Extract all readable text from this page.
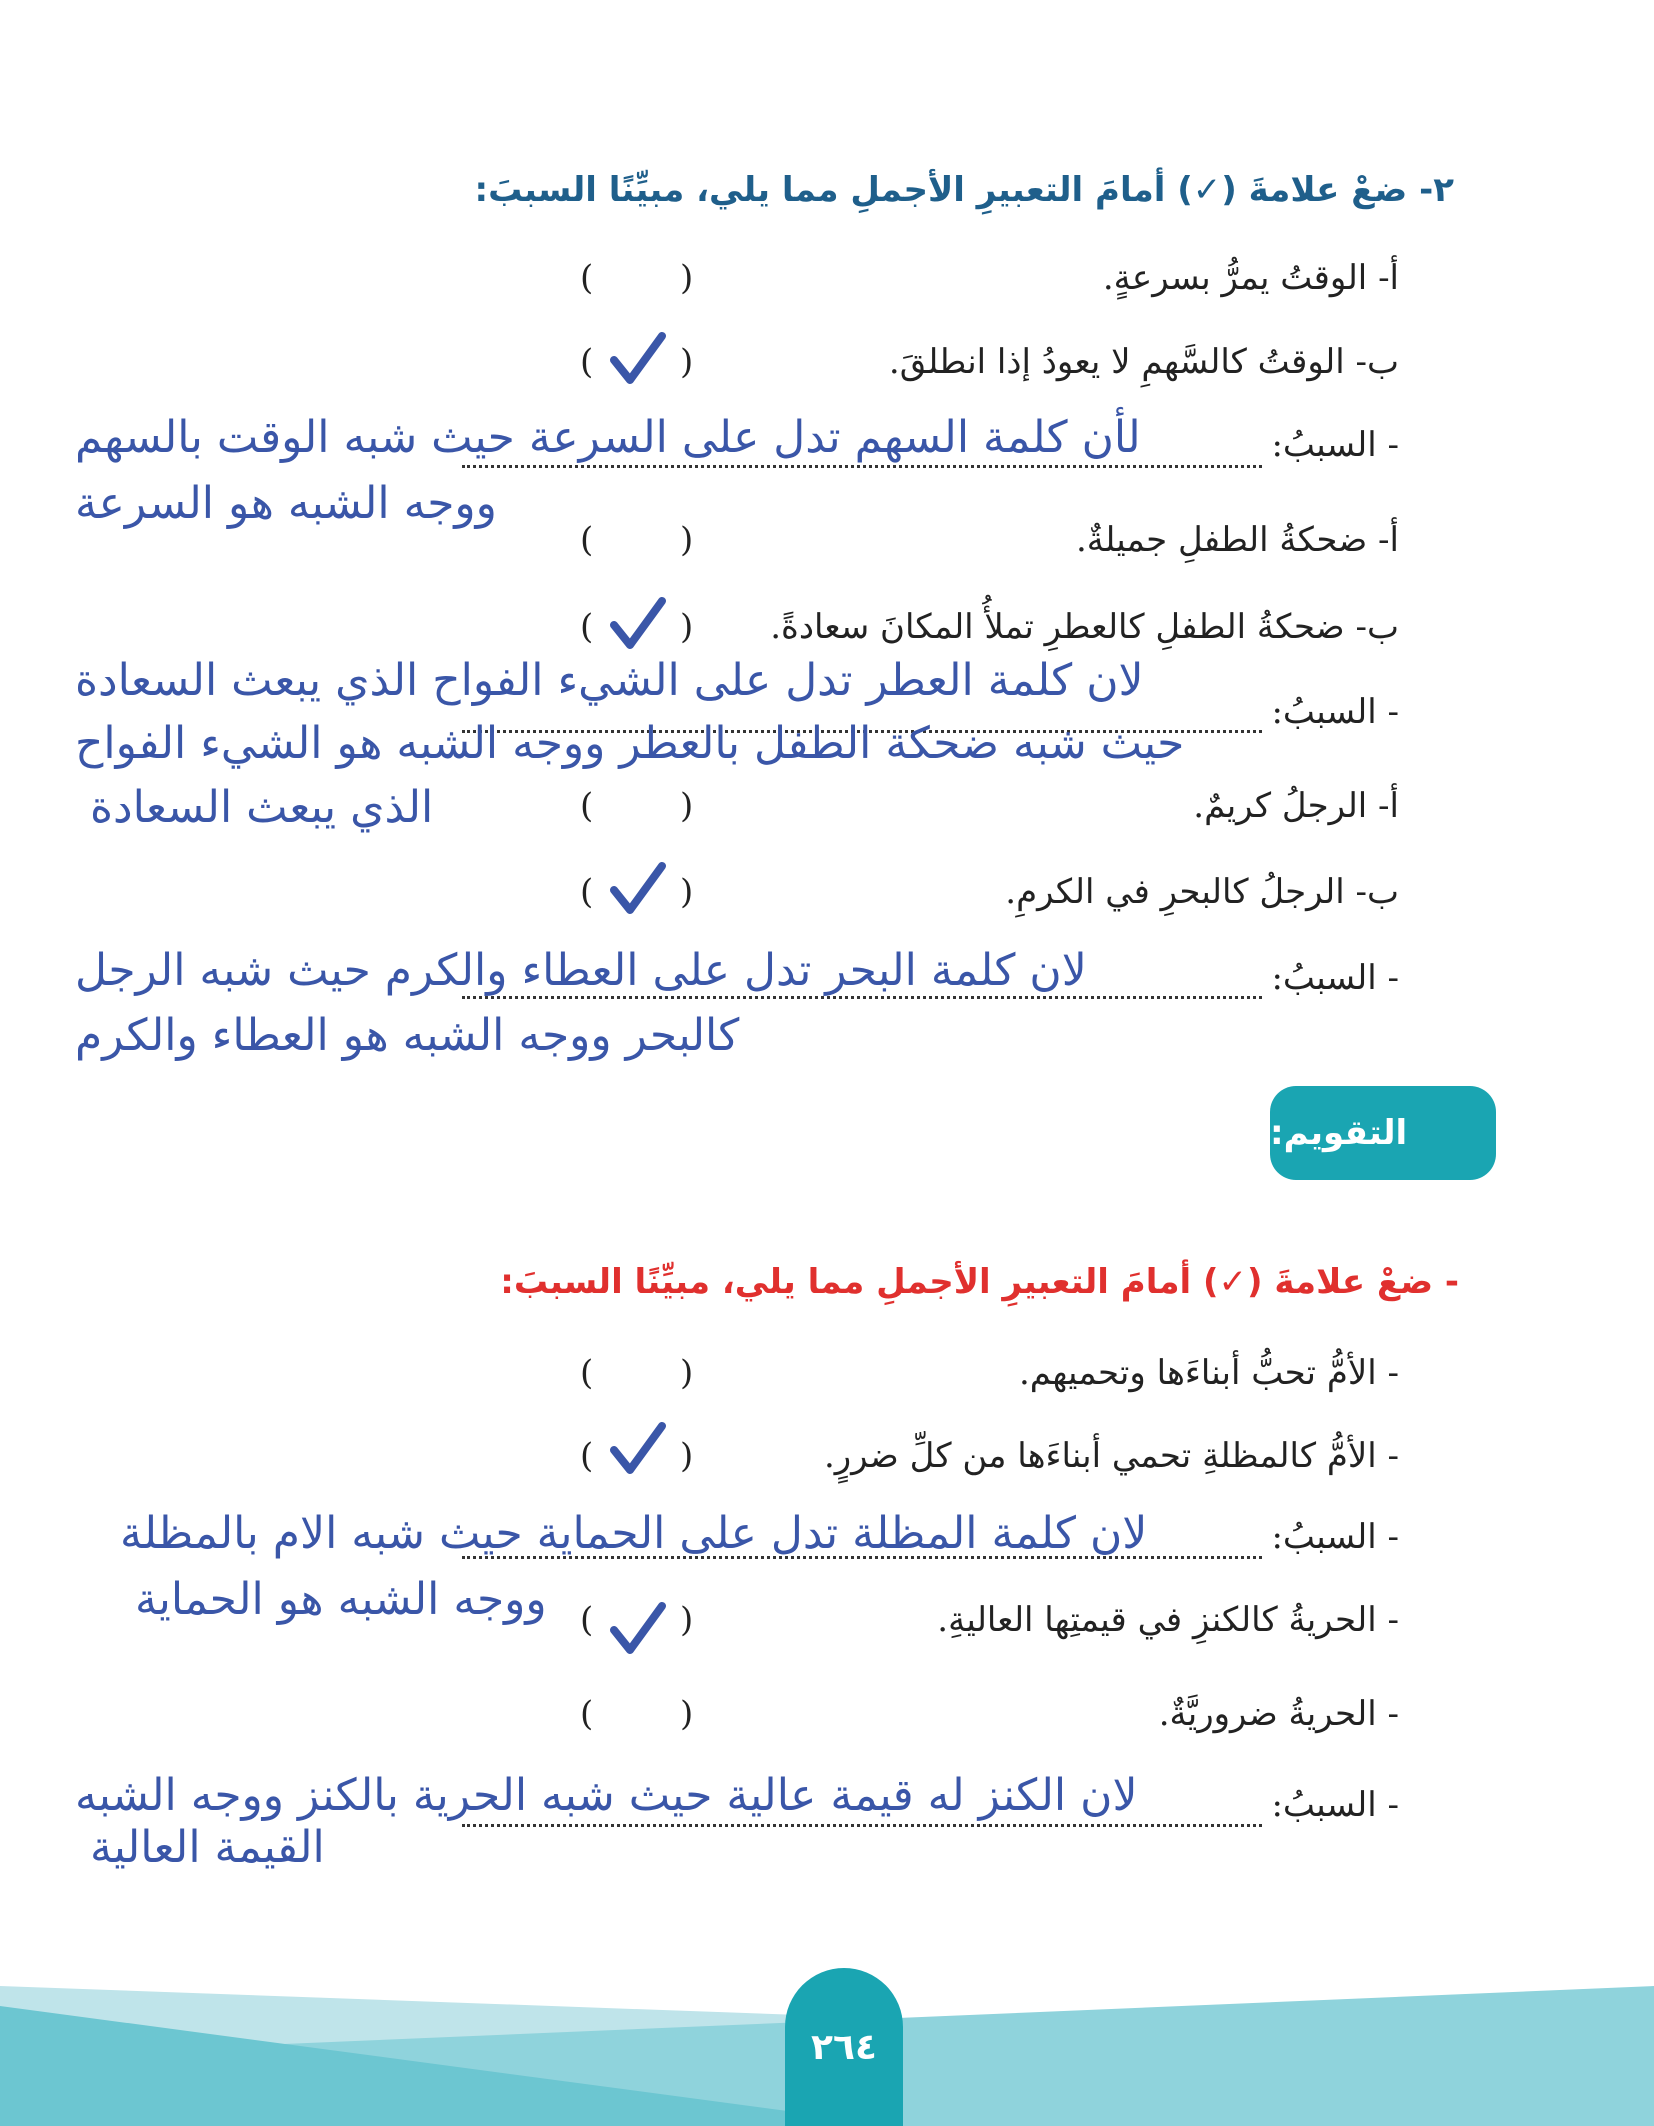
٢- ضعْ علامةَ (✓) أمامَ التعبيرِ الأجملِ مما يلي، مبيِّنًا السببَ:
أ- الوقتُ يمرُّ بسرعةٍ.
(
)
ب- الوقتُ كالسَّهمِ لا يعودُ إذا انطلقَ.
(
)
- السببُ:
لأن كلمة السهم تدل على السرعة حيث شبه الوقت بالسهم
ووجه الشبه هو السرعة
أ- ضحكةُ الطفلِ جميلةٌ.
(
)
ب- ضحكةُ الطفلِ كالعطرِ تملأُ المكانَ سعادةً.
(
)
- السببُ:
لان كلمة العطر تدل على الشيء الفواح الذي يبعث السعادة
حيث شبه ضحكة الطفل بالعطر ووجه الشبه هو الشيء الفواح
الذي يبعث السعادة	أ- الرجلُ كريمٌ.
(
)
ب- الرجلُ كالبحرِ في الكرمِ.
(
)
- السببُ:
لان كلمة البحر تدل على العطاء والكرم حيث شبه الرجل
كالبحر ووجه الشبه هو العطاء والكرم
التقويم:
- ضعْ علامةَ (✓) أمامَ التعبيرِ الأجملِ مما يلي، مبيِّنًا السببَ:
- الأمُّ تحبُّ أبناءَها وتحميهم.
(
)
- الأمُّ كالمظلةِ تحمي أبناءَها من كلِّ ضررٍ.
(
)
- السببُ:
لان كلمة المظلة تدل على الحماية حيث شبه الام بالمظلة
ووجه الشبه هو الحماية	- الحريةُ كالكنزِ في قيمتِها العاليةِ.
(
)
- الحريةُ ضروريَّةٌ.
(
)
- السببُ:
لان الكنز له قيمة عالية حيث شبه الحرية بالكنز ووجه الشبه
القيمة العالية
٢٦٤
